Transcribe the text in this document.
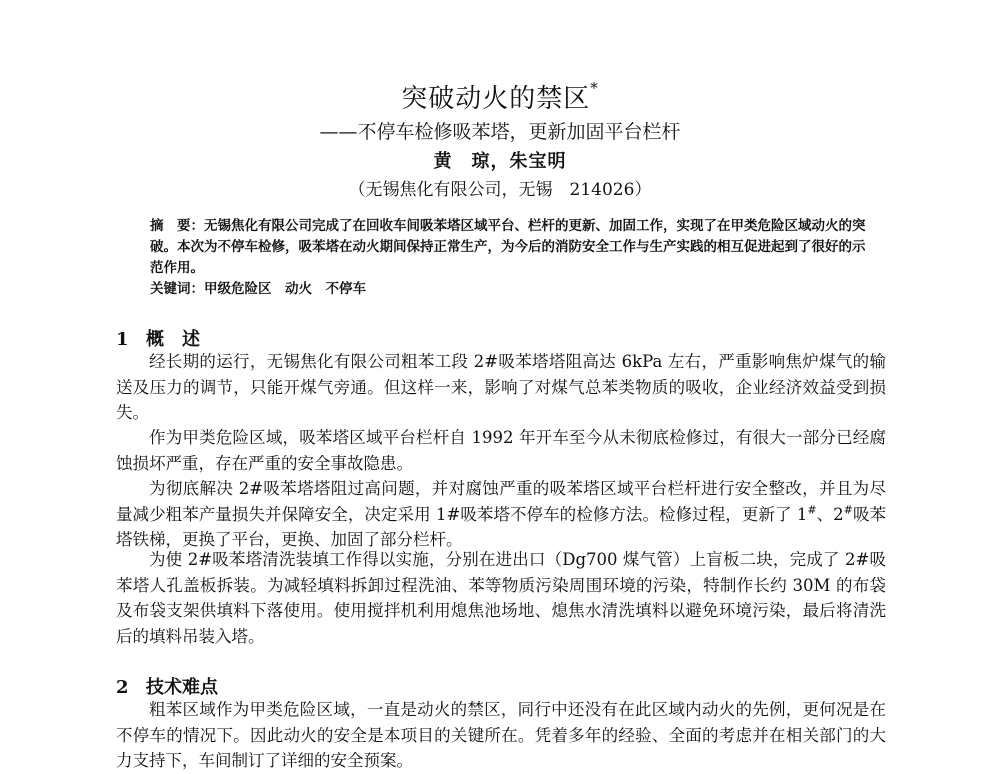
突破动火的禁区*
——不停车检修吸苯塔，更新加固平台栏杆
黄　琼，朱宝明
（无锡焦化有限公司，无锡　214026）
摘　要：无锡焦化有限公司完成了在回收车间吸苯塔区域平台、栏杆的更新、加固工作，实现了在甲类危险区域动火的突破。本次为不停车检修，吸苯塔在动火期间保持正常生产，为今后的消防安全工作与生产实践的相互促进起到了很好的示范作用。
关键词：甲级危险区　动火　不停车
1 概　述

经长期的运行，无锡焦化有限公司粗苯工段 2#吸苯塔塔阻高达 6kPa 左右，严重影响焦炉煤气的输送及压力的调节，只能开煤气旁通。但这样一来，影响了对煤气总苯类物质的吸收，企业经济效益受到损失。

作为甲类危险区域，吸苯塔区域平台栏杆自 1992 年开车至今从未彻底检修过，有很大一部分已经腐蚀损坏严重，存在严重的安全事故隐患。

为彻底解决 2#吸苯塔塔阻过高问题，并对腐蚀严重的吸苯塔区域平台栏杆进行安全整改，并且为尽量减少粗苯产量损失并保障安全，决定采用 1#吸苯塔不停车的检修方法。检修过程，更新了 1#、2#吸苯塔铁梯，更换了平台，更换、加固了部分栏杆。

为使 2#吸苯塔清洗装填工作得以实施，分别在进出口（Dg700 煤气管）上盲板二块，完成了 2#吸苯塔人孔盖板拆装。为减轻填料拆卸过程洗油、苯等物质污染周围环境的污染，特制作长约 30M 的布袋及布袋支架供填料下落使用。使用搅拌机利用熄焦池场地、熄焦水清洗填料以避免环境污染，最后将清洗后的填料吊装入塔。

2 技术难点

粗苯区域作为甲类危险区域，一直是动火的禁区，同行中还没有在此区域内动火的先例，更何况是在不停车的情况下。因此动火的安全是本项目的关键所在。凭着多年的经验、全面的考虑并在相关部门的大力支持下，车间制订了详细的安全预案。
